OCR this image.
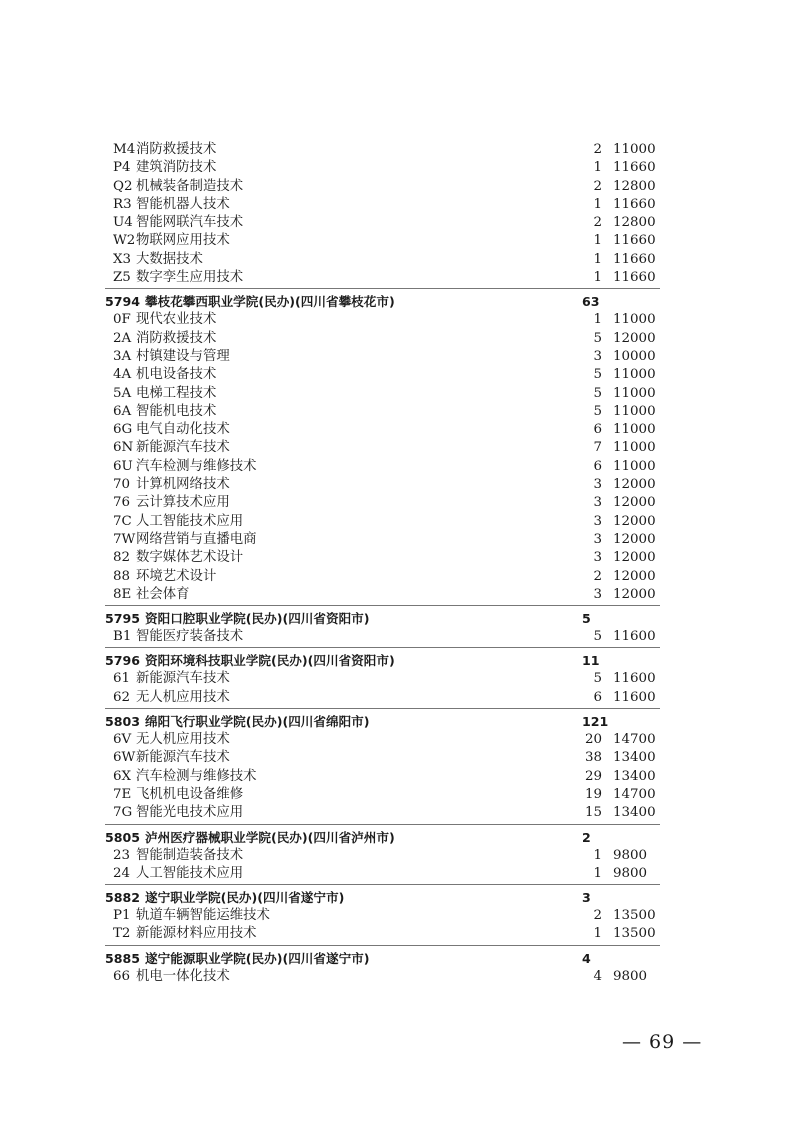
M4 消防救援技术	2 11000
P4 建筑消防技术	1 11660
Q2 机械装备制造技术	2 12800
R3 智能机器人技术	1 11660
U4 智能网联汽车技术	2 12800
W2 物联网应用技术	1 11660
X3 大数据技术	1 11660
Z5 数字孪生应用技术	1 11660
5794 攀枝花攀西职业学院(民办)(四川省攀枝花市)	63
0F 现代农业技术	1 11000
2A 消防救援技术	5 12000
3A 村镇建设与管理	3 10000
4A 机电设备技术	5 11000
5A 电梯工程技术	5 11000
6A 智能机电技术	5 11000
6G 电气自动化技术	6 11000
6N 新能源汽车技术	7 11000
6U 汽车检测与维修技术	6 11000
70 计算机网络技术	3 12000
76 云计算技术应用	3 12000
7C 人工智能技术应用	3 12000
7W 网络营销与直播电商	3 12000
82 数字媒体艺术设计	3 12000
88 环境艺术设计	2 12000
8E 社会体育	3 12000
5795 资阳口腔职业学院(民办)(四川省资阳市)	5
B1 智能医疗装备技术	5 11600
5796 资阳环境科技职业学院(民办)(四川省资阳市)	11
61 新能源汽车技术	5 11600
62 无人机应用技术	6 11600
5803 绵阳飞行职业学院(民办)(四川省绵阳市)	121
6V 无人机应用技术	20 14700
6W 新能源汽车技术	38 13400
6X 汽车检测与维修技术	29 13400
7E 飞机机电设备维修	19 14700
7G 智能光电技术应用	15 13400
5805 泸州医疗器械职业学院(民办)(四川省泸州市)	2
23 智能制造装备技术	1 9800
24 人工智能技术应用	1 9800
5882 遂宁职业学院(民办)(四川省遂宁市)	3
P1 轨道车辆智能运维技术	2 13500
T2 新能源材料应用技术	1 13500
5885 遂宁能源职业学院(民办)(四川省遂宁市)	4
66 机电一体化技术	4 9800
— 69 —
